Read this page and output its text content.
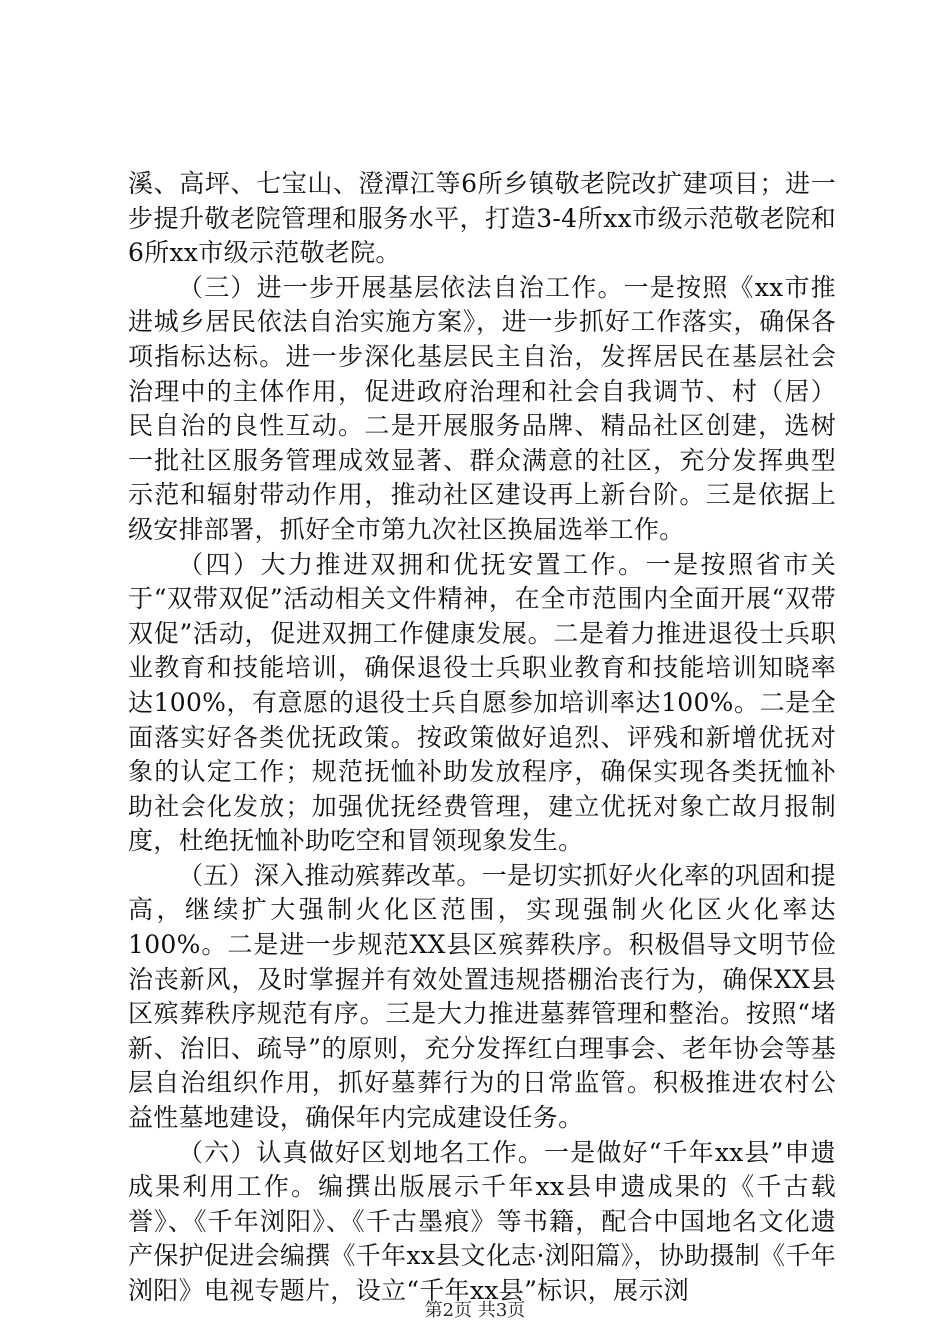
溪、高坪、七宝山、澄潭江等6所乡镇敬老院改扩建项目；进一步提升敬老院管理和服务水平，打造3-4所xx市级示范敬老院和6所xx市级示范敬老院。

（三）进一步开展基层依法自治工作。一是按照《xx市推进城乡居民依法自治实施方案》，进一步抓好工作落实，确保各项指标达标。进一步深化基层民主自治，发挥居民在基层社会治理中的主体作用，促进政府治理和社会自我调节、村（居）民自治的良性互动。二是开展服务品牌、精品社区创建，选树一批社区服务管理成效显著、群众满意的社区，充分发挥典型示范和辐射带动作用，推动社区建设再上新台阶。三是依据上级安排部署，抓好全市第九次社区换届选举工作。

（四）大力推进双拥和优抚安置工作。一是按照省市关于“双带双促”活动相关文件精神，在全市范围内全面开展“双带双促”活动，促进双拥工作健康发展。二是着力推进退役士兵职业教育和技能培训，确保退役士兵职业教育和技能培训知晓率达100%，有意愿的退役士兵自愿参加培训率达100%。二是全面落实好各类优抚政策。按政策做好追烈、评残和新增优抚对象的认定工作；规范抚恤补助发放程序，确保实现各类抚恤补助社会化发放；加强优抚经费管理，建立优抚对象亡故月报制度，杜绝抚恤补助吃空和冒领现象发生。

（五）深入推动殡葬改革。一是切实抓好火化率的巩固和提高，继续扩大强制火化区范围，实现强制火化区火化率达100%。二是进一步规范XX县区殡葬秩序。积极倡导文明节俭治丧新风，及时掌握并有效处置违规搭棚治丧行为，确保XX县区殡葬秩序规范有序。三是大力推进墓葬管理和整治。按照“堵新、治旧、疏导”的原则，充分发挥红白理事会、老年协会等基层自治组织作用，抓好墓葬行为的日常监管。积极推进农村公益性墓地建设，确保年内完成建设任务。

（六）认真做好区划地名工作。一是做好“千年xx县”申遗成果利用工作。编撰出版展示千年xx县申遗成果的《千古载誉》、《千年浏阳》、《千古墨痕》等书籍，配合中国地名文化遗产保护促进会编撰《千年xx县文化志·浏阳篇》，协助摄制《千年浏阳》电视专题片，设立“千年xx县”标识，展示浏

第2页 共3页
